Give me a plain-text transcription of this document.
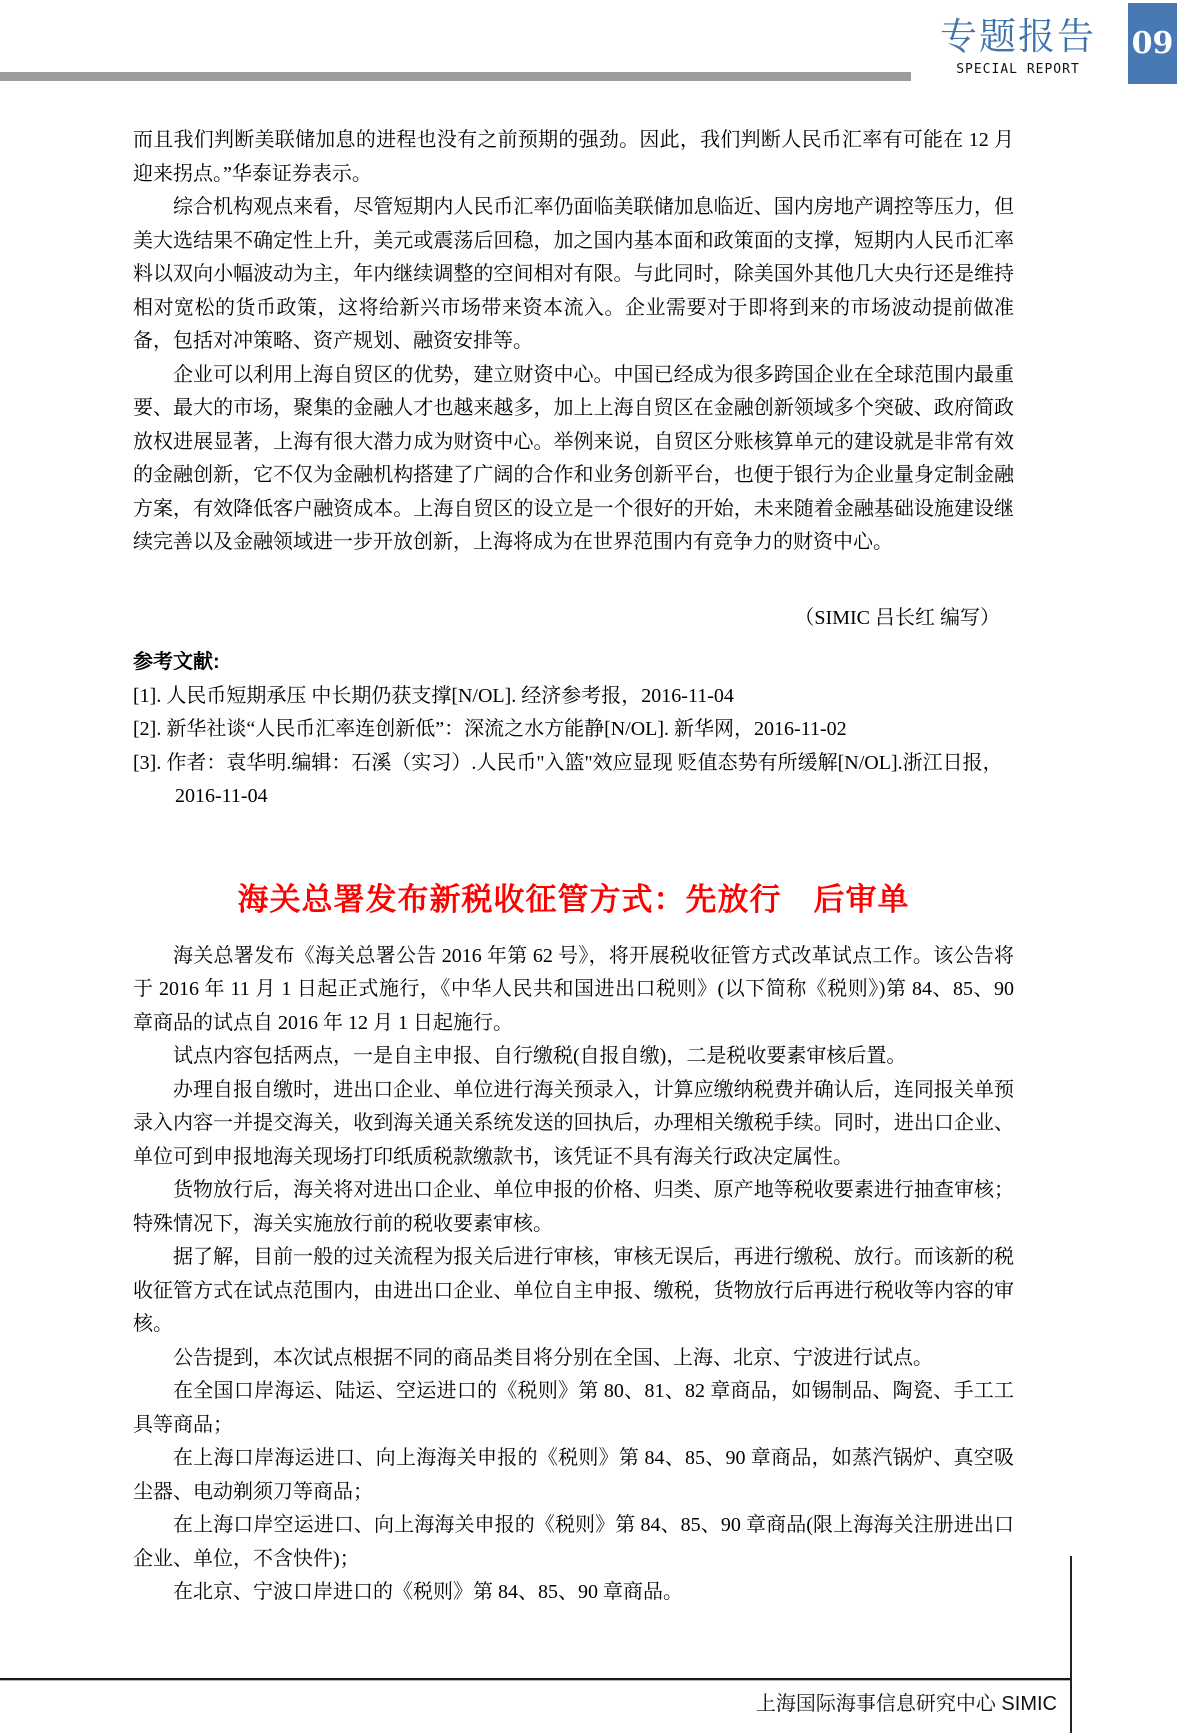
专题报告
SPECIAL REPORT
09

而且我们判断美联储加息的进程也没有之前预期的强劲。因此，我们判断人民币汇率有可能在 12 月迎来拐点。”华泰证券表示。

综合机构观点来看，尽管短期内人民币汇率仍面临美联储加息临近、国内房地产调控等压力，但美大选结果不确定性上升，美元或震荡后回稳，加之国内基本面和政策面的支撑，短期内人民币汇率料以双向小幅波动为主，年内继续调整的空间相对有限。与此同时，除美国外其他几大央行还是维持相对宽松的货币政策，这将给新兴市场带来资本流入。企业需要对于即将到来的市场波动提前做准备，包括对冲策略、资产规划、融资安排等。

企业可以利用上海自贸区的优势，建立财资中心。中国已经成为很多跨国企业在全球范围内最重要、最大的市场，聚集的金融人才也越来越多，加上上海自贸区在金融创新领域多个突破、政府简政放权进展显著，上海有很大潜力成为财资中心。举例来说，自贸区分账核算单元的建设就是非常有效的金融创新，它不仅为金融机构搭建了广阔的合作和业务创新平台，也便于银行为企业量身定制金融方案，有效降低客户融资成本。上海自贸区的设立是一个很好的开始，未来随着金融基础设施建设继续完善以及金融领域进一步开放创新，上海将成为在世界范围内有竞争力的财资中心。

（SIMIC 吕长红 编写）
参考文献:
[1]. 人民币短期承压 中长期仍获支撑[N/OL]. 经济参考报，2016-11-04
[2]. 新华社谈“人民币汇率连创新低”：深流之水方能静[N/OL]. 新华网，2016-11-02
[3]. 作者：袁华明.编辑：石溪（实习）.人民币"入篮"效应显现 贬值态势有所缓解[N/OL].浙江日报，2016-11-04
海关总署发布新税收征管方式：先放行　后审单

海关总署发布《海关总署公告 2016 年第 62 号》，将开展税收征管方式改革试点工作。该公告将于 2016 年 11 月 1 日起正式施行，《中华人民共和国进出口税则》(以下简称《税则》)第 84、85、90 章商品的试点自 2016 年 12 月 1 日起施行。

试点内容包括两点，一是自主申报、自行缴税(自报自缴)，二是税收要素审核后置。

办理自报自缴时，进出口企业、单位进行海关预录入，计算应缴纳税费并确认后，连同报关单预录入内容一并提交海关，收到海关通关系统发送的回执后，办理相关缴税手续。同时，进出口企业、单位可到申报地海关现场打印纸质税款缴款书，该凭证不具有海关行政决定属性。

货物放行后，海关将对进出口企业、单位申报的价格、归类、原产地等税收要素进行抽查审核；特殊情况下，海关实施放行前的税收要素审核。

据了解，目前一般的过关流程为报关后进行审核，审核无误后，再进行缴税、放行。而该新的税收征管方式在试点范围内，由进出口企业、单位自主申报、缴税，货物放行后再进行税收等内容的审核。

公告提到，本次试点根据不同的商品类目将分别在全国、上海、北京、宁波进行试点。

在全国口岸海运、陆运、空运进口的《税则》第 80、81、82 章商品，如锡制品、陶瓷、手工工具等商品；

在上海口岸海运进口、向上海海关申报的《税则》第 84、85、90 章商品，如蒸汽锅炉、真空吸尘器、电动剃须刀等商品；

在上海口岸空运进口、向上海海关申报的《税则》第 84、85、90 章商品(限上海海关注册进出口企业、单位，不含快件)；

在北京、宁波口岸进口的《税则》第 84、85、90 章商品。

上海国际海事信息研究中心 SIMIC
